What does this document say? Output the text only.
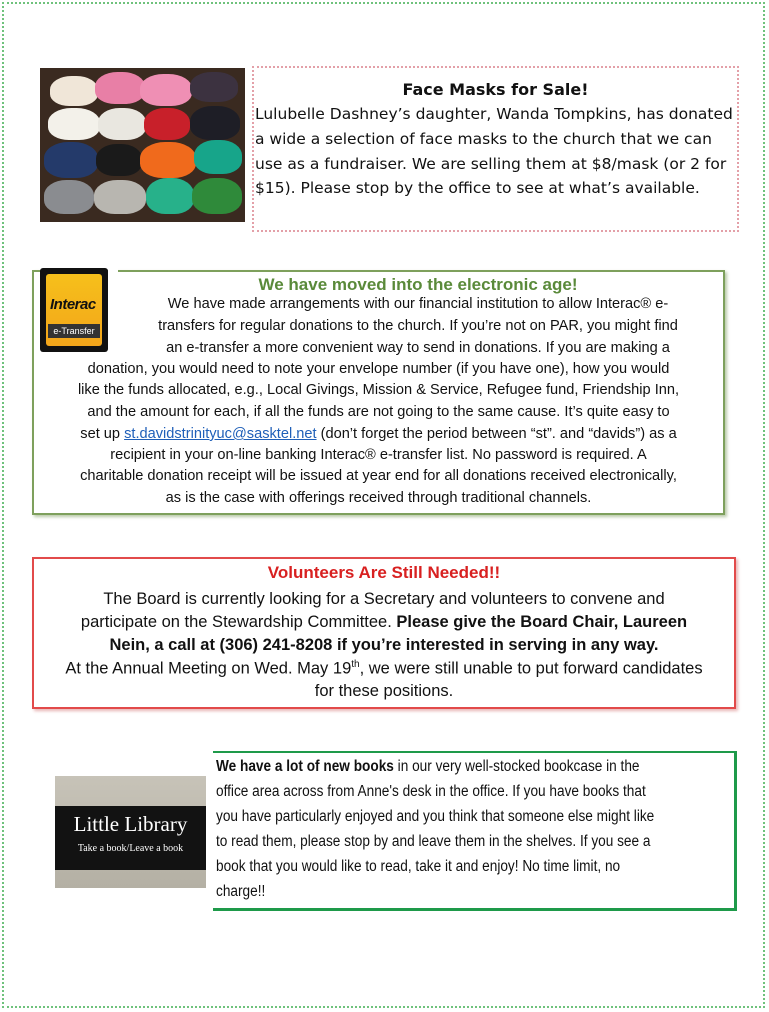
Face Masks for Sale!

Lulubelle Dashney’s daughter, Wanda Tompkins, has donated a wide a selection of face masks to the church that we can use as a fundraiser. We are selling them at $8/mask (or 2 for $15). Please stop by the office to see at what’s available.

Interac
e-Transfer
We have moved into the electronic age!
We have made arrangements with our financial institution to allow Interac® e-
transfers for regular donations to the church. If you’re not on PAR, you might find
an e-transfer a more convenient way to send in donations. If you are making a
donation, you would need to note your envelope number (if you have one), how you would
like the funds allocated, e.g., Local Givings, Mission & Service, Refugee fund, Friendship Inn,
and the amount for each, if all the funds are not going to the same cause. It’s quite easy to
set up st.davidstrinityuc@sasktel.net (don’t forget the period between “st”. and “davids”) as a
recipient in your on-line banking Interac® e-transfer list. No password is required. A
charitable donation receipt will be issued at year end for all donations received electronically,
as is the case with offerings received through traditional channels.
Volunteers Are Still Needed!!
The Board is currently looking for a Secretary and volunteers to convene and
participate on the Stewardship Committee. Please give the Board Chair, Laureen
Nein, a call at (306) 241-8208 if you’re interested in serving in any way.
At the Annual Meeting on Wed. May 19th, we were still unable to put forward candidates
for these positions.
Little Library
Take a book/Leave a book
We have a lot of new books in our very well-stocked bookcase in the
office area across from Anne's desk in the office. If you have books that
you have particularly enjoyed and you think that someone else might like
to read them, please stop by and leave them in the shelves. If you see a
book that you would like to read, take it and enjoy! No time limit, no
charge!!
